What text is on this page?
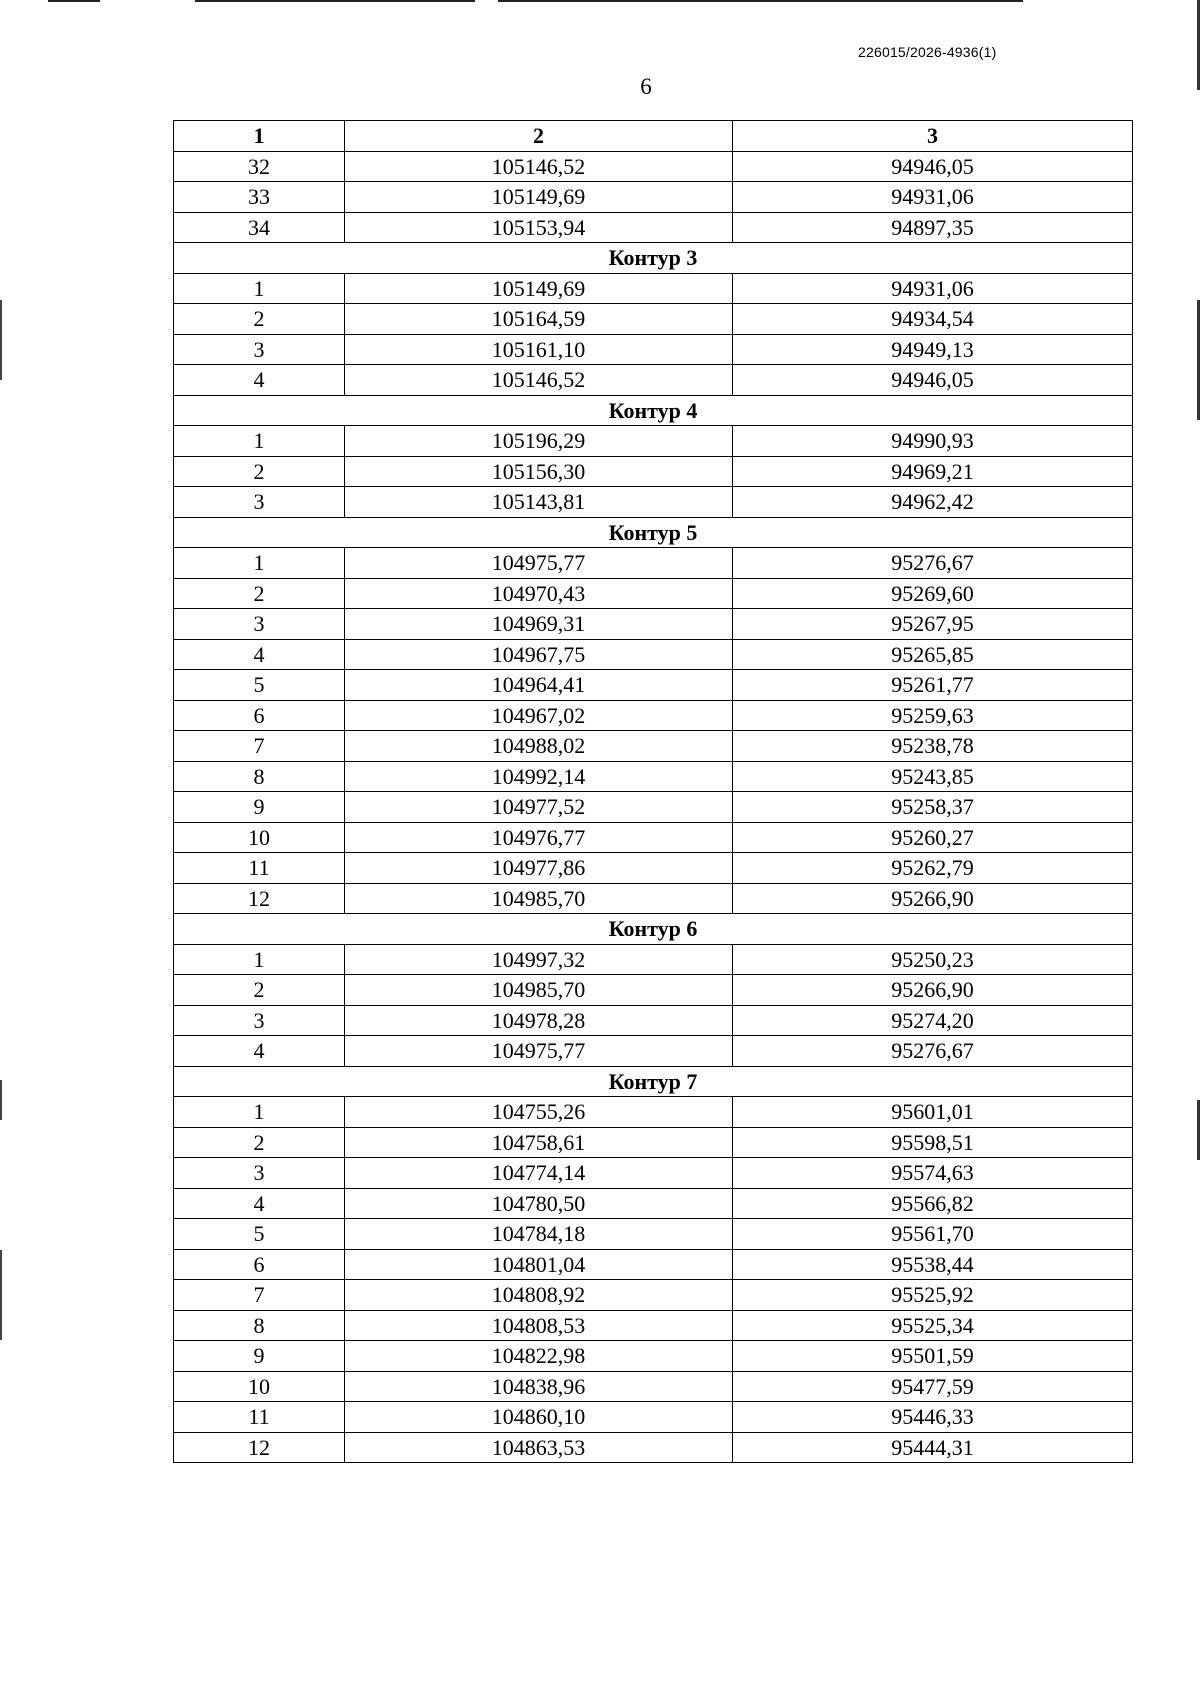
226015/2026-4936(1)
6
1	2	3
32	105146,52	94946,05
33	105149,69	94931,06
34	105153,94	94897,35
Контур 3		
1	105149,69	94931,06
2	105164,59	94934,54
3	105161,10	94949,13
4	105146,52	94946,05
Контур 4		
1	105196,29	94990,93
2	105156,30	94969,21
3	105143,81	94962,42
Контур 5		
1	104975,77	95276,67
2	104970,43	95269,60
3	104969,31	95267,95
4	104967,75	95265,85
5	104964,41	95261,77
6	104967,02	95259,63
7	104988,02	95238,78
8	104992,14	95243,85
9	104977,52	95258,37
10	104976,77	95260,27
11	104977,86	95262,79
12	104985,70	95266,90
Контур 6		
1	104997,32	95250,23
2	104985,70	95266,90
3	104978,28	95274,20
4	104975,77	95276,67
Контур 7		
1	104755,26	95601,01
2	104758,61	95598,51
3	104774,14	95574,63
4	104780,50	95566,82
5	104784,18	95561,70
6	104801,04	95538,44
7	104808,92	95525,92
8	104808,53	95525,34
9	104822,98	95501,59
10	104838,96	95477,59
11	104860,10	95446,33
12	104863,53	95444,31
